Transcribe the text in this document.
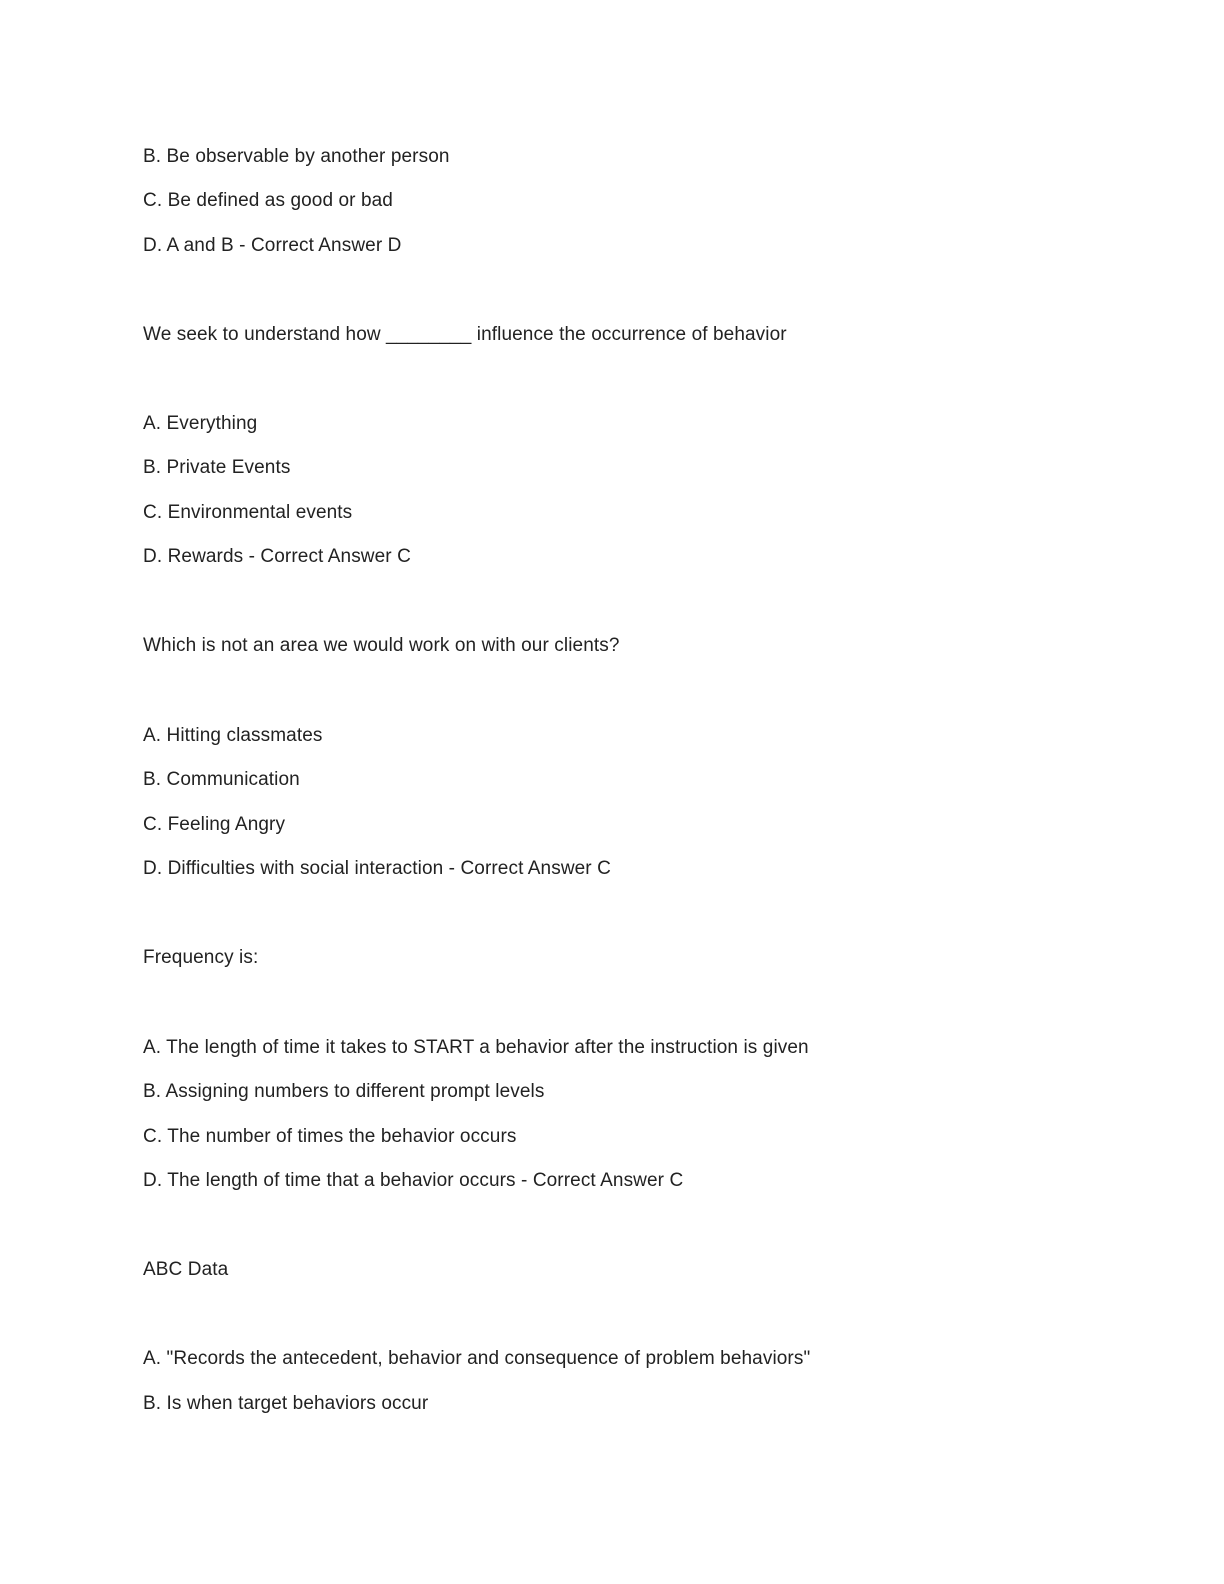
B. Be observable by another person
C. Be defined as good or bad
D. A and B - Correct Answer D
We seek to understand how ________ influence the occurrence of behavior
A. Everything
B. Private Events
C. Environmental events
D. Rewards - Correct Answer C
Which is not an area we would work on with our clients?
A. Hitting classmates
B. Communication
C. Feeling Angry
D. Difficulties with social interaction - Correct Answer C
Frequency is:
A. The length of time it takes to START a behavior after the instruction is given
B. Assigning numbers to different prompt levels
C. The number of times the behavior occurs
D. The length of time that a behavior occurs - Correct Answer C
ABC Data
A. "Records the antecedent, behavior and consequence of problem behaviors"
B. Is when target behaviors occur
